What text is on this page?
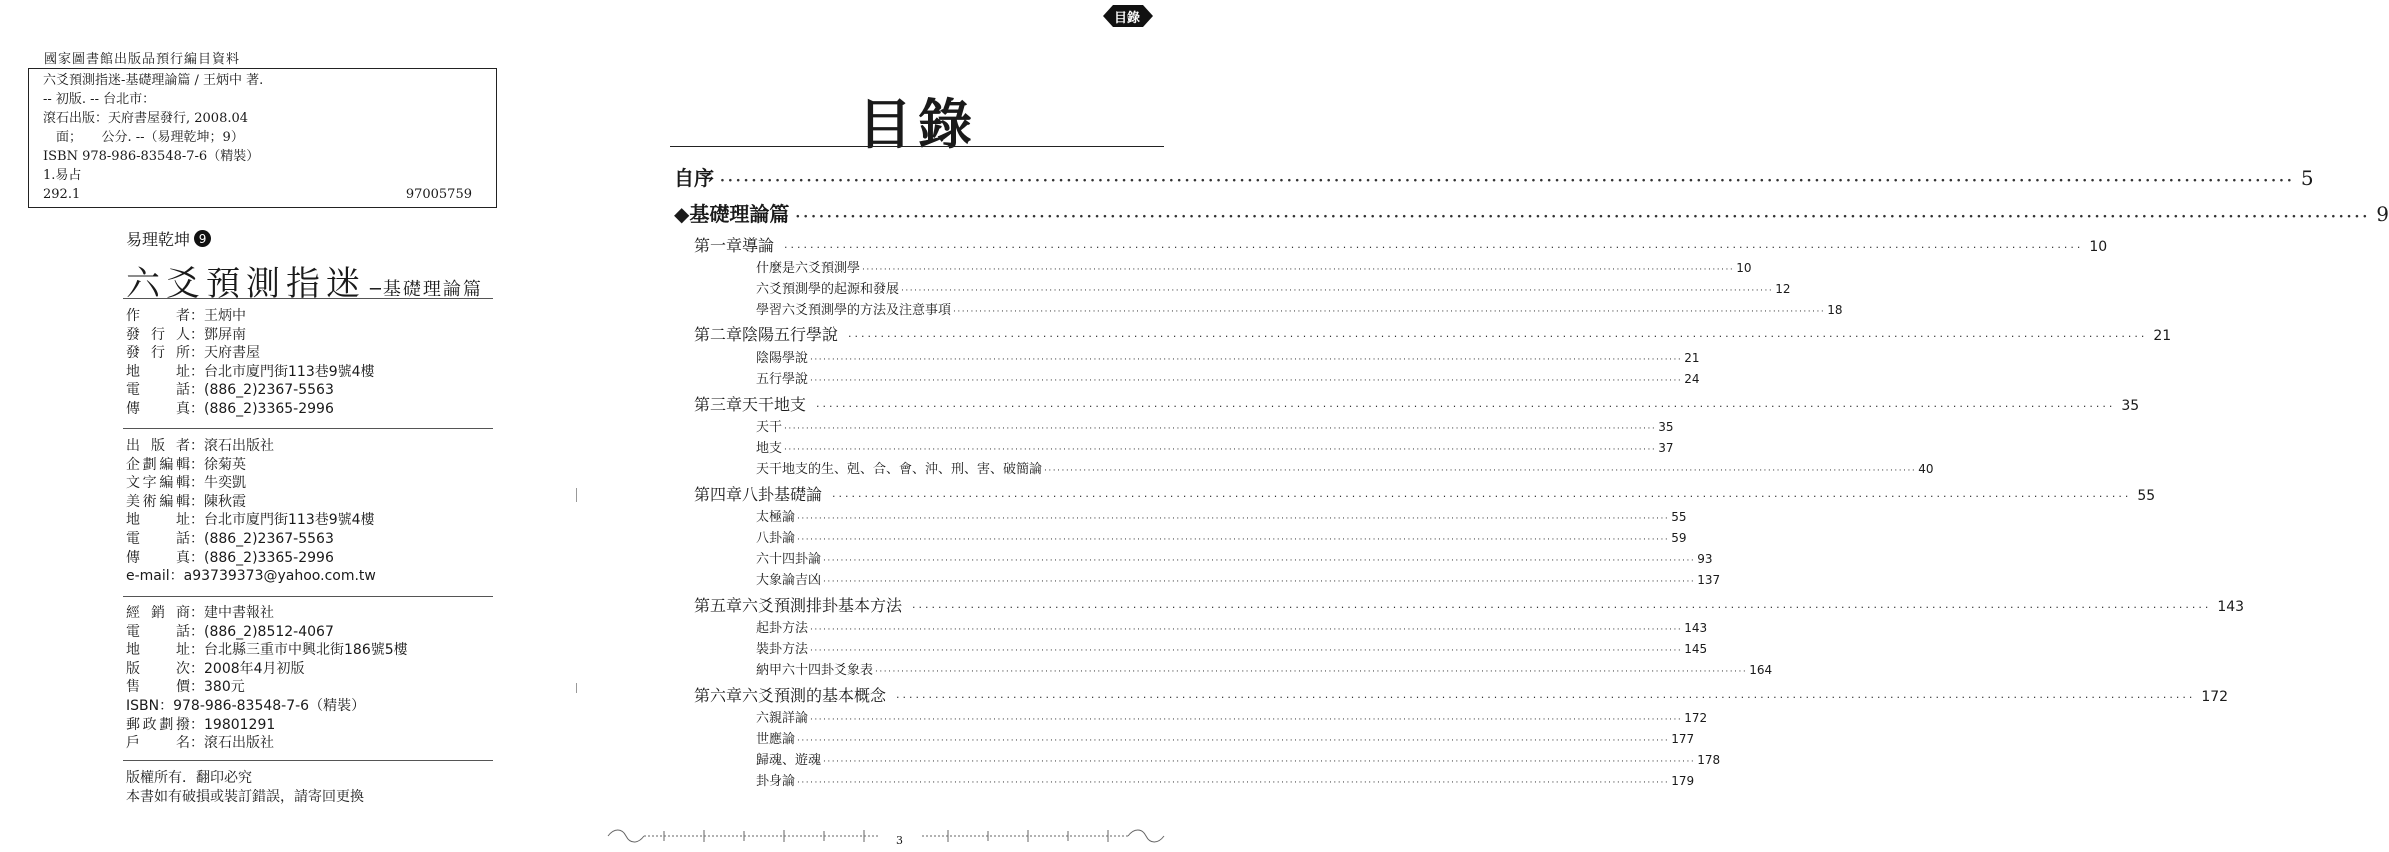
國家圖書館出版品預行編目資料
六爻預測指迷-基礎理論篇 / 王炳中 著.
-- 初版. -- 台北市：
滾石出版：天府書屋發行, 2008.04
　面；　　公分. --（易理乾坤；9）
ISBN 978-986-83548-7-6（精裝）
1.易占
292.1	97005759
易理乾坤 9
六爻預測指迷 ─基礎理論篇
作者 ： 王炳中
發行人 ： 鄧屏南
發行所 ： 天府書屋
地址 ： 台北市廈門街113巷9號4樓
電話 ： (886_2)2367-5563
傳真 ： (886_2)3365-2996
出版者 ： 滾石出版社
企劃編輯 ： 徐菊英
文字編輯 ： 牛奕凱
美術編輯 ： 陳秋霞
地址 ： 台北市廈門街113巷9號4樓
電話 ： (886_2)2367-5563
傳真 ： (886_2)3365-2996
e-mail：a93739373@yahoo.com.tw
經銷商 ： 建中書報社
電話 ： (886_2)8512-4067
地址 ： 台北縣三重市中興北街186號5樓
版次 ： 2008年4月初版
售價 ： 380元
ISBN：978-986-83548-7-6（精裝）
郵政劃撥 ： 19801291
戶名 ： 滾石出版社
版權所有．翻印必究
本書如有破損或裝訂錯誤，請寄回更換
目錄
目錄
自序 ········································································································································································································ 5
◆基礎理論篇 ········································································································································································································ 9
第一章 導論 ········································································································································································································ 10
什麼是六爻預測學 ········································································································································································································ 10
六爻預測學的起源和發展 ········································································································································································································ 12
學習六爻預測學的方法及注意事項 ········································································································································································································ 18
第二章 陰陽五行學說 ········································································································································································································ 21
陰陽學說 ········································································································································································································ 21
五行學說 ········································································································································································································ 24
第三章 天干地支 ········································································································································································································ 35
天干 ········································································································································································································ 35
地支 ········································································································································································································ 37
天干地支的生、剋、合、會、沖、刑、害、破簡論 ········································································································································································································ 40
第四章 八卦基礎論 ········································································································································································································ 55
太極論 ········································································································································································································ 55
八卦論 ········································································································································································································ 59
六十四卦論 ········································································································································································································ 93
大象論吉凶 ········································································································································································································ 137
第五章 六爻預測排卦基本方法 ········································································································································································································ 143
起卦方法 ········································································································································································································ 143
裝卦方法 ········································································································································································································ 145
納甲六十四卦爻象表 ········································································································································································································ 164
第六章 六爻預測的基本概念 ········································································································································································································ 172
六親詳論 ········································································································································································································ 172
世應論 ········································································································································································································ 177
歸魂、遊魂 ········································································································································································································ 178
卦身論 ········································································································································································································ 179
3
